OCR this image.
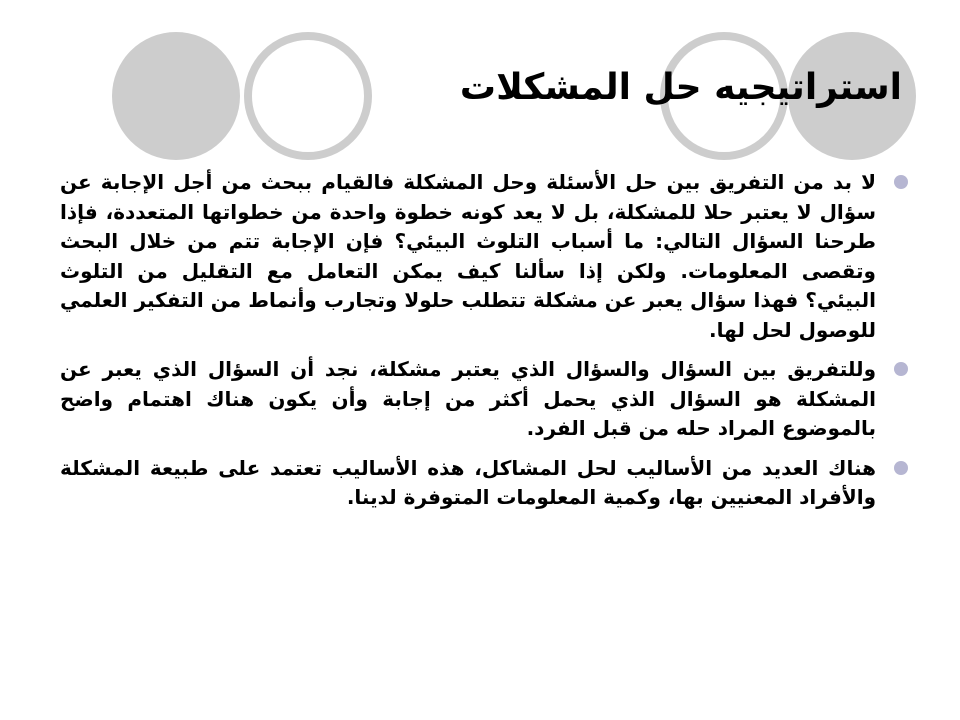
استراتيجيه حل المشكلات
لا بد من التفريق بين حل الأسئلة وحل المشكلة فالقيام ببحث من أجل الإجابة عن سؤال لا يعتبر حلا للمشكلة، بل لا يعد كونه خطوة واحدة من خطواتها المتعددة، فإذا طرحنا السؤال التالي: ما أسباب التلوث البيئي؟ فإن الإجابة تتم من خلال البحث وتقصى المعلومات. ولكن إذا سألنا كيف يمكن التعامل مع التقليل من التلوث البيئي؟ فهذا سؤال يعبر عن مشكلة تتطلب حلولا وتجارب وأنماط من التفكير العلمي للوصول لحل لها.
وللتفريق بين السؤال والسؤال الذي يعتبر مشكلة، نجد أن السؤال الذي يعبر عن المشكلة هو السؤال الذي يحمل أكثر من إجابة وأن يكون هناك اهتمام واضح بالموضوع المراد حله من قبل الفرد.
هناك العديد من الأساليب لحل المشاكل، هذه الأساليب تعتمد على طبيعة المشكلة والأفراد المعنيين بها، وكمية المعلومات المتوفرة لدينا.
